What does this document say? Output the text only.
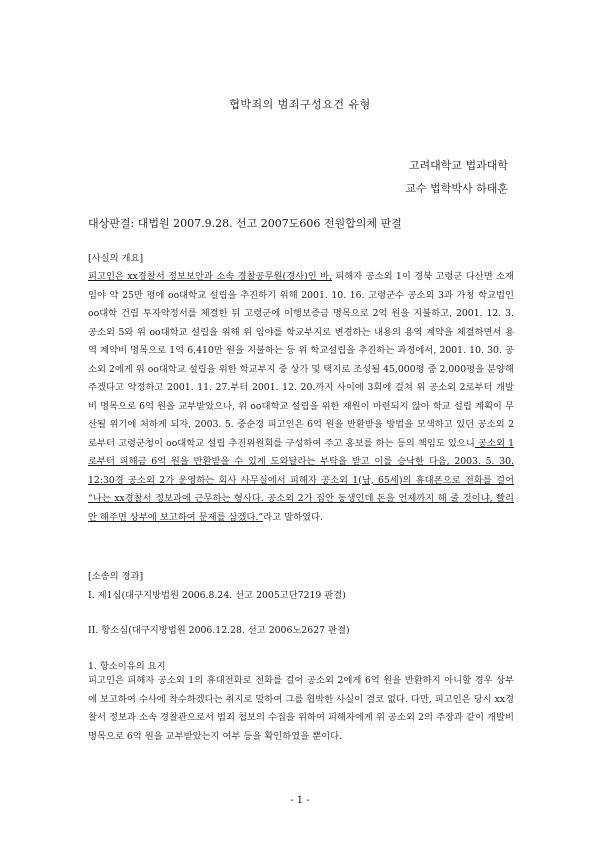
협박죄의 범죄구성요건 유형
고려대학교 법과대학
교수 법학박사 하태훈
대상판결: 대법원 2007.9.28. 선고 2007도606 전원합의체 판결
[사실의 개요]

피고인은 xx경찰서 정보보안과 소속 경찰공무원(경사)인 바, 피해자 공소외 1이 경북 고령군 다산면 소재 임야 약 25만 평에 oo대학교 설립을 추진하기 위해 2001. 10. 16. 고령군수 공소외 3과 가칭 학교법인 oo대학 건립 투자약정서를 체결한 뒤 고령군에 이행보증금 명목으로 2억 원을 지불하고, 2001. 12. 3. 공소외 5와 위 oo대학교 설립을 위해 위 임야를 학교부지로 변경하는 내용의 용역 계약을 체결하면서 용역 계약비 명목으로 1억 6,410만 원을 지불하는 등 위 학교설립을 추진하는 과정에서, 2001. 10. 30. 공소외 2에게 위 oo대학교 설립을 위한 학교부지 중 상가 및 택지로 조성될 45,000평 중 2,000평을 분양해주겠다고 약정하고 2001. 11. 27.부터 2001. 12. 20.까지 사이에 3회에 걸쳐 위 공소외 2로부터 개발비 명목으로 6억 원을 교부받았으나, 위 oo대학교 설립을 위한 재원이 마련되지 않아 학교 설립 계획이 무산될 위기에 처하게 되자, 2003. 5. 중순경 피고인은 6억 원을 반환받을 방법을 모색하고 있던 공소외 2로부터 고령군청이 oo대학교 설립 추진위원회를 구성하여 주고 홍보를 하는 등의 책임도 있으니 공소외 1로부터 피해금 6억 원을 반환받을 수 있게 도와달라는 부탁을 받고 이를 승낙한 다음, 2003. 5. 30. 12:30경 공소외 2가 운영하는 회사 사무실에서 피해자 공소외 1(남, 65세)의 휴대폰으로 전화를 걸어 “나는 xx경찰서 정보과에 근무하는 형사다. 공소외 2가 집안 동생인데 돈을 언제까지 해 줄 것이냐, 빨리 안 해주면 상부에 보고하여 문제를 삼겠다.”라고 말하였다.

[소송의 경과]
I. 제1심(대구지방법원 2006.8.24. 선고 2005고단7219 판결)
II. 항소심(대구지방법원 2006.12.28. 선고 2006노2627 판결)
1. 항소이유의 요지

피고인은 피해자 공소외 1의 휴대전화로 전화를 걸어 공소외 2에게 6억 원을 반환하지 아니할 경우 상부에 보고하여 수사에 착수하겠다는 취지로 말하여 그를 협박한 사실이 결코 없다. 다만, 피고인은 당시 xx경찰서 정보과 소속 경찰관으로서 범죄 첩보의 수집을 위하여 피해자에게 위 공소외 2의 주장과 같이 개발비 명목으로 6억 원을 교부받았는지 여부 등을 확인하였을 뿐이다.

- 1 -
